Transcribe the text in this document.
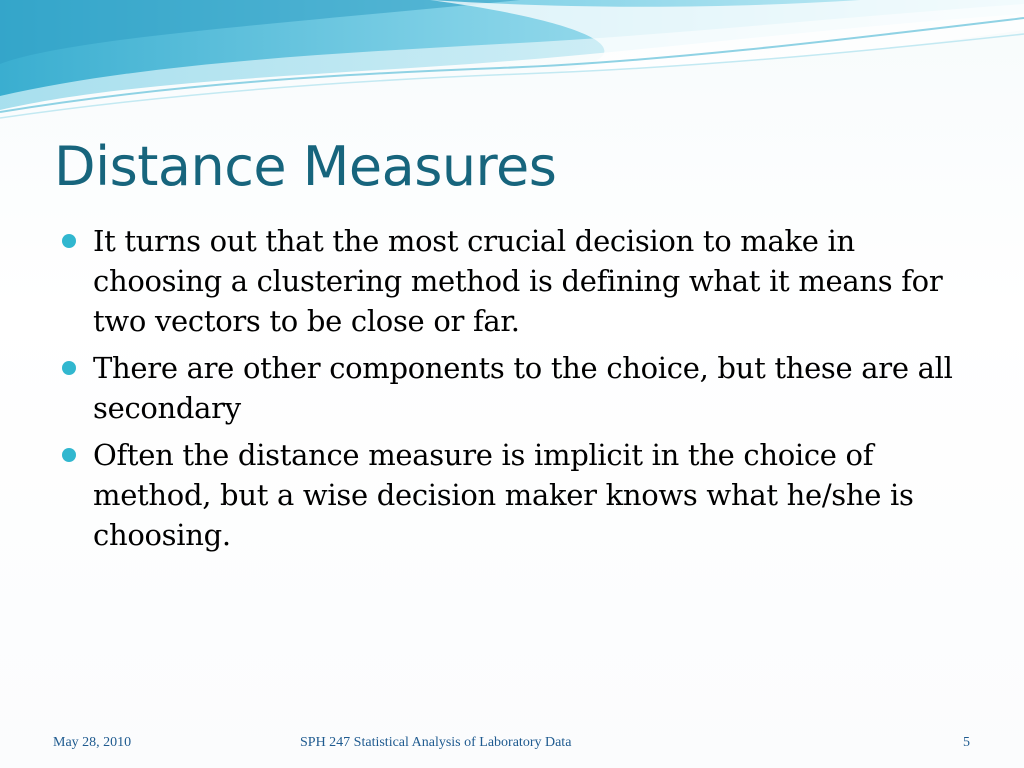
Distance Measures
It turns out that the most crucial decision to make in choosing a clustering method is defining what it means for two vectors to be close or far.
There are other components to the choice, but these are all secondary
Often the distance measure is implicit in the choice of method, but a wise decision maker knows what he/she is choosing.
May 28, 2010	SPH 247 Statistical Analysis of Laboratory Data	5
